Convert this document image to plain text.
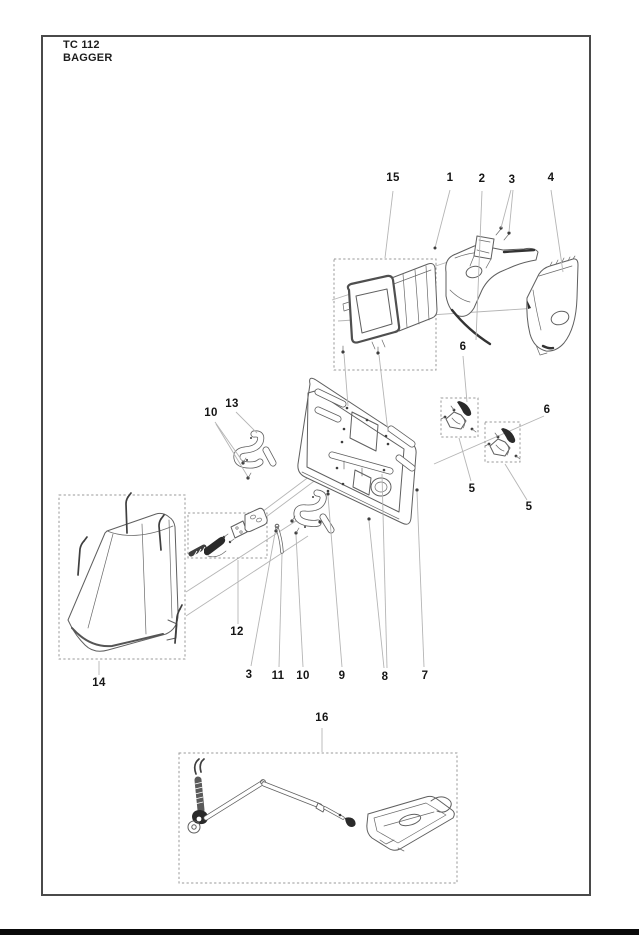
TC 112
BAGGER
15	1 2 3	4
6
6
5
5
10
13
14
12
3 11 10	9	8	7
16
